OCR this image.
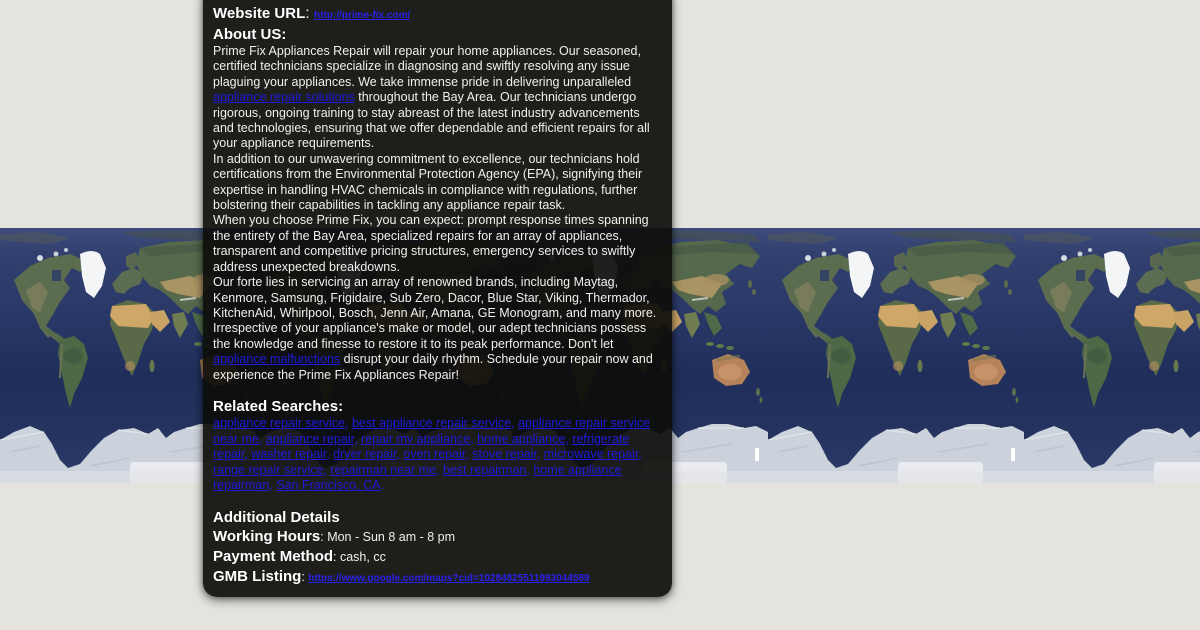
Website URL: http://prime-fix.com/

About US:

Prime Fix Appliances Repair will repair your home appliances. Our seasoned, certified technicians specialize in diagnosing and swiftly resolving any issue plaguing your appliances. We take immense pride in delivering unparalleled appliance repair solutions throughout the Bay Area. Our technicians undergo rigorous, ongoing training to stay abreast of the latest industry advancements and technologies, ensuring that we offer dependable and efficient repairs for all your appliance requirements.

In addition to our unwavering commitment to excellence, our technicians hold certifications from the Environmental Protection Agency (EPA), signifying their expertise in handling HVAC chemicals in compliance with regulations, further bolstering their capabilities in tackling any appliance repair task.

When you choose Prime Fix, you can expect: prompt response times spanning the entirety of the Bay Area, specialized repairs for an array of appliances, transparent and competitive pricing structures, emergency services to swiftly address unexpected breakdowns.

Our forte lies in servicing an array of renowned brands, including Maytag, Kenmore, Samsung, Frigidaire, Sub Zero, Dacor, Blue Star, Viking, Thermador, KitchenAid, Whirlpool, Bosch, Jenn Air, Amana, GE Monogram, and many more. Irrespective of your appliance's make or model, our adept technicians possess the knowledge and finesse to restore it to its peak performance. Don't let appliance malfunctions disrupt your daily rhythm. Schedule your repair now and experience the Prime Fix Appliances Repair!

Related Searches:

appliance repair service, best appliance repair service, appliance repair service near me, appliance repair, repair my appliance, home appliance, refrigerate repair, washer repair, dryer repair, oven repair, stove repair, microwave repair, range repair service, repairman near me, best repairman, home appliance repairman, San Francisco, CA.

Additional Details

Working Hours: Mon - Sun 8 am - 8 pm

Payment Method: cash, cc

GMB Listing: https://www.google.com/maps?cid=10284825511993044589
